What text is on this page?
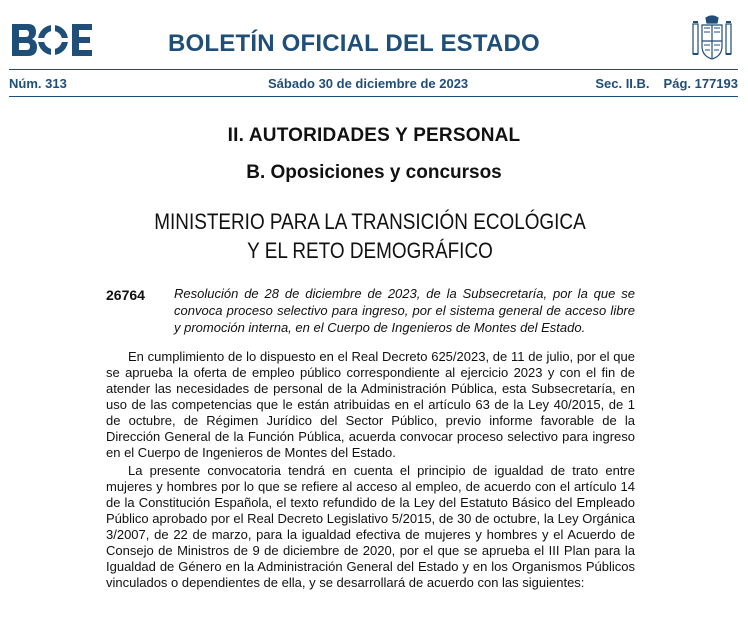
BOLETÍN OFICIAL DEL ESTADO
Núm. 313	Sábado 30 de diciembre de 2023	Sec. II.B. Pág. 177193
II. AUTORIDADES Y PERSONAL
B. Oposiciones y concursos
MINISTERIO PARA LA TRANSICIÓN ECOLÓGICA
Y EL RETO DEMOGRÁFICO
26764 Resolución de 28 de diciembre de 2023, de la Subsecretaría, por la que se convoca proceso selectivo para ingreso, por el sistema general de acceso libre y promoción interna, en el Cuerpo de Ingenieros de Montes del Estado.

En cumplimiento de lo dispuesto en el Real Decreto 625/2023, de 11 de julio, por el que se aprueba la oferta de empleo público correspondiente al ejercicio 2023 y con el fin de atender las necesidades de personal de la Administración Pública, esta Subsecretaría, en uso de las competencias que le están atribuidas en el artículo 63 de la Ley 40/2015, de 1 de octubre, de Régimen Jurídico del Sector Público, previo informe favorable de la Dirección General de la Función Pública, acuerda convocar proceso selectivo para ingreso en el Cuerpo de Ingenieros de Montes del Estado.

La presente convocatoria tendrá en cuenta el principio de igualdad de trato entre mujeres y hombres por lo que se refiere al acceso al empleo, de acuerdo con el artículo 14 de la Constitución Española, el texto refundido de la Ley del Estatuto Básico del Empleado Público aprobado por el Real Decreto Legislativo 5/2015, de 30 de octubre, la Ley Orgánica 3/2007, de 22 de marzo, para la igualdad efectiva de mujeres y hombres y el Acuerdo de Consejo de Ministros de 9 de diciembre de 2020, por el que se aprueba el III Plan para la Igualdad de Género en la Administración General del Estado y en los Organismos Públicos vinculados o dependientes de ella, y se desarrollará de acuerdo con las siguientes:
